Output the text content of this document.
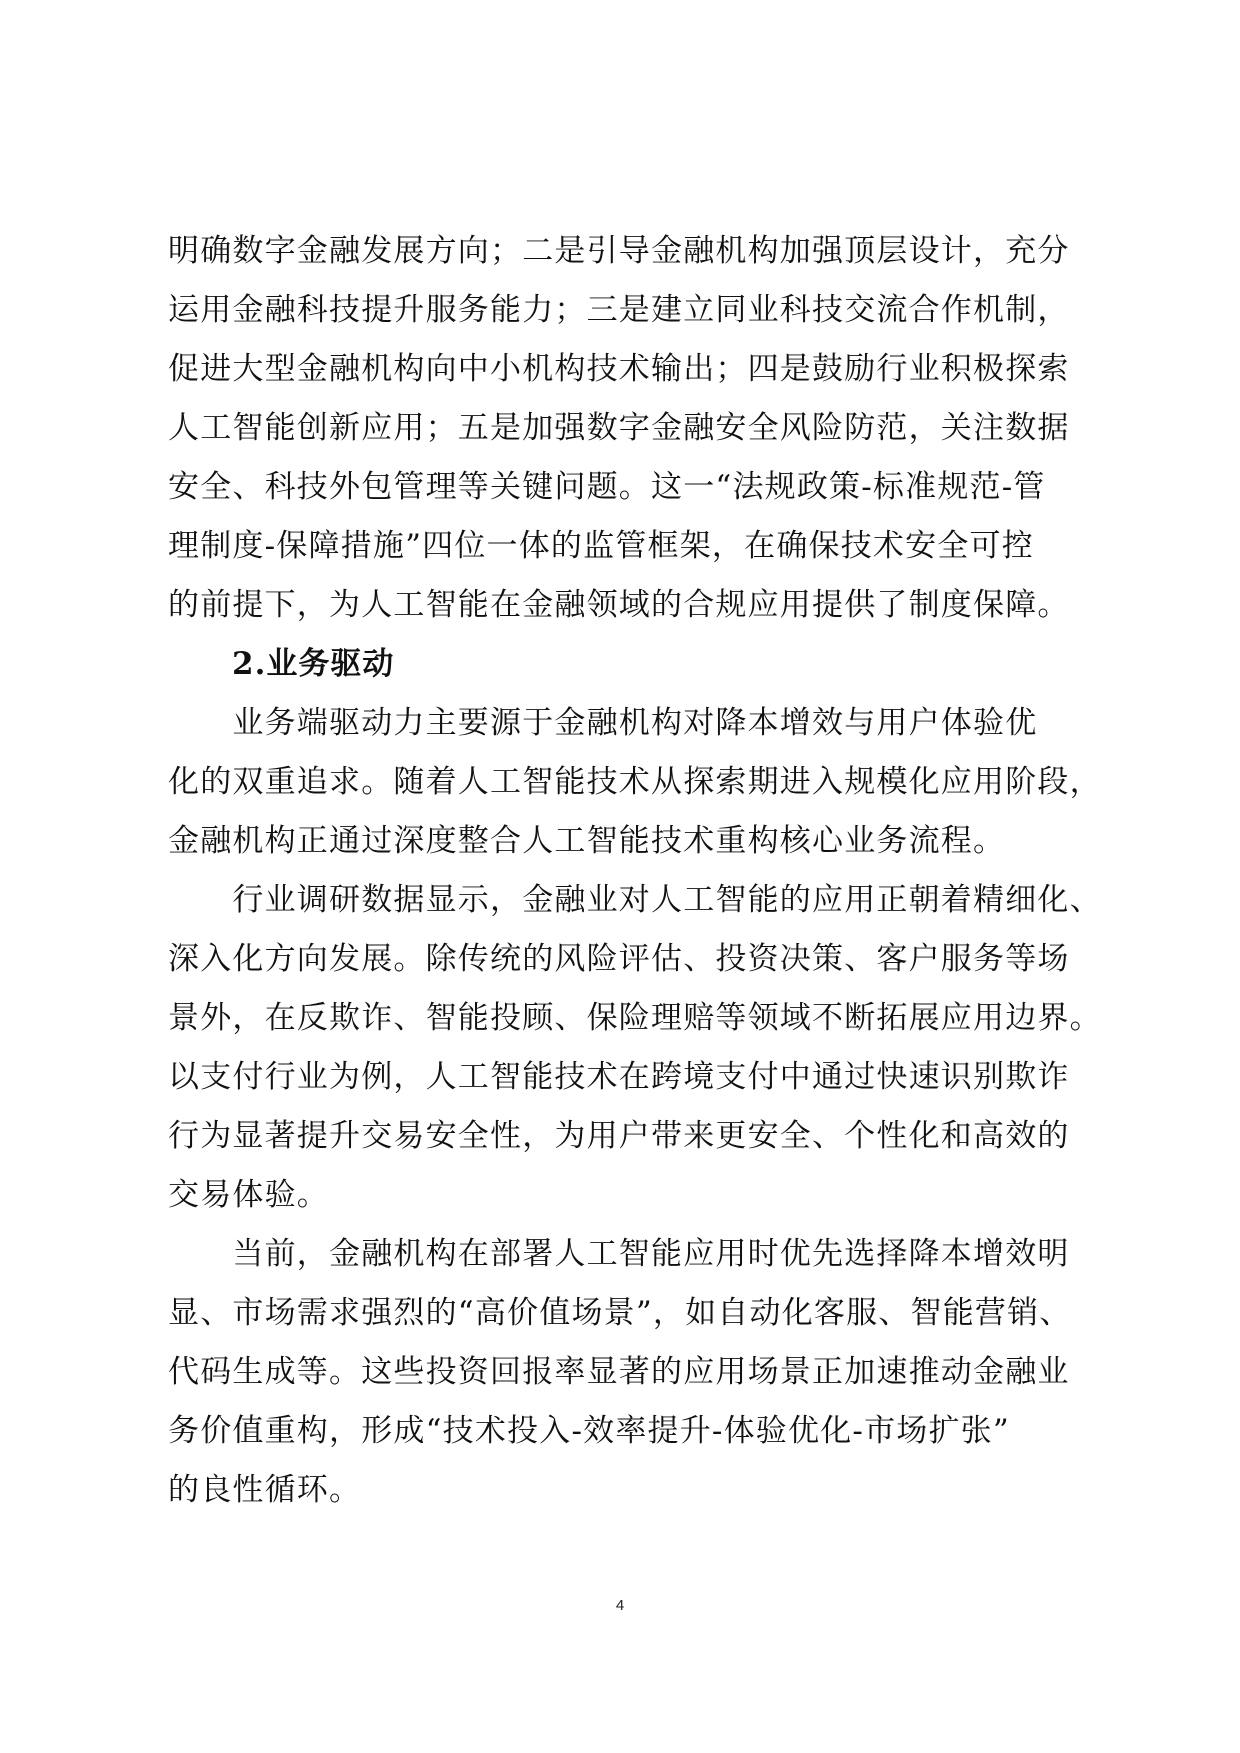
明确数字金融发展方向；二是引导金融机构加强顶层设计，充分
运用金融科技提升服务能力；三是建立同业科技交流合作机制，
促进大型金融机构向中小机构技术输出；四是鼓励行业积极探索
人工智能创新应用；五是加强数字金融安全风险防范，关注数据
安全、科技外包管理等关键问题。这一“法规政策-标准规范-管
理制度-保障措施”四位一体的监管框架，在确保技术安全可控
的前提下，为人工智能在金融领域的合规应用提供了制度保障。
2.业务驱动
　　业务端驱动力主要源于金融机构对降本增效与用户体验优
化的双重追求。随着人工智能技术从探索期进入规模化应用阶段，
金融机构正通过深度整合人工智能技术重构核心业务流程。
　　行业调研数据显示，金融业对人工智能的应用正朝着精细化、
深入化方向发展。除传统的风险评估、投资决策、客户服务等场
景外，在反欺诈、智能投顾、保险理赔等领域不断拓展应用边界。
以支付行业为例，人工智能技术在跨境支付中通过快速识别欺诈
行为显著提升交易安全性，为用户带来更安全、个性化和高效的
交易体验。
　　当前，金融机构在部署人工智能应用时优先选择降本增效明
显、市场需求强烈的“高价值场景”，如自动化客服、智能营销、
代码生成等。这些投资回报率显著的应用场景正加速推动金融业
务价值重构，形成“技术投入-效率提升-体验优化-市场扩张”
的良性循环。
4
